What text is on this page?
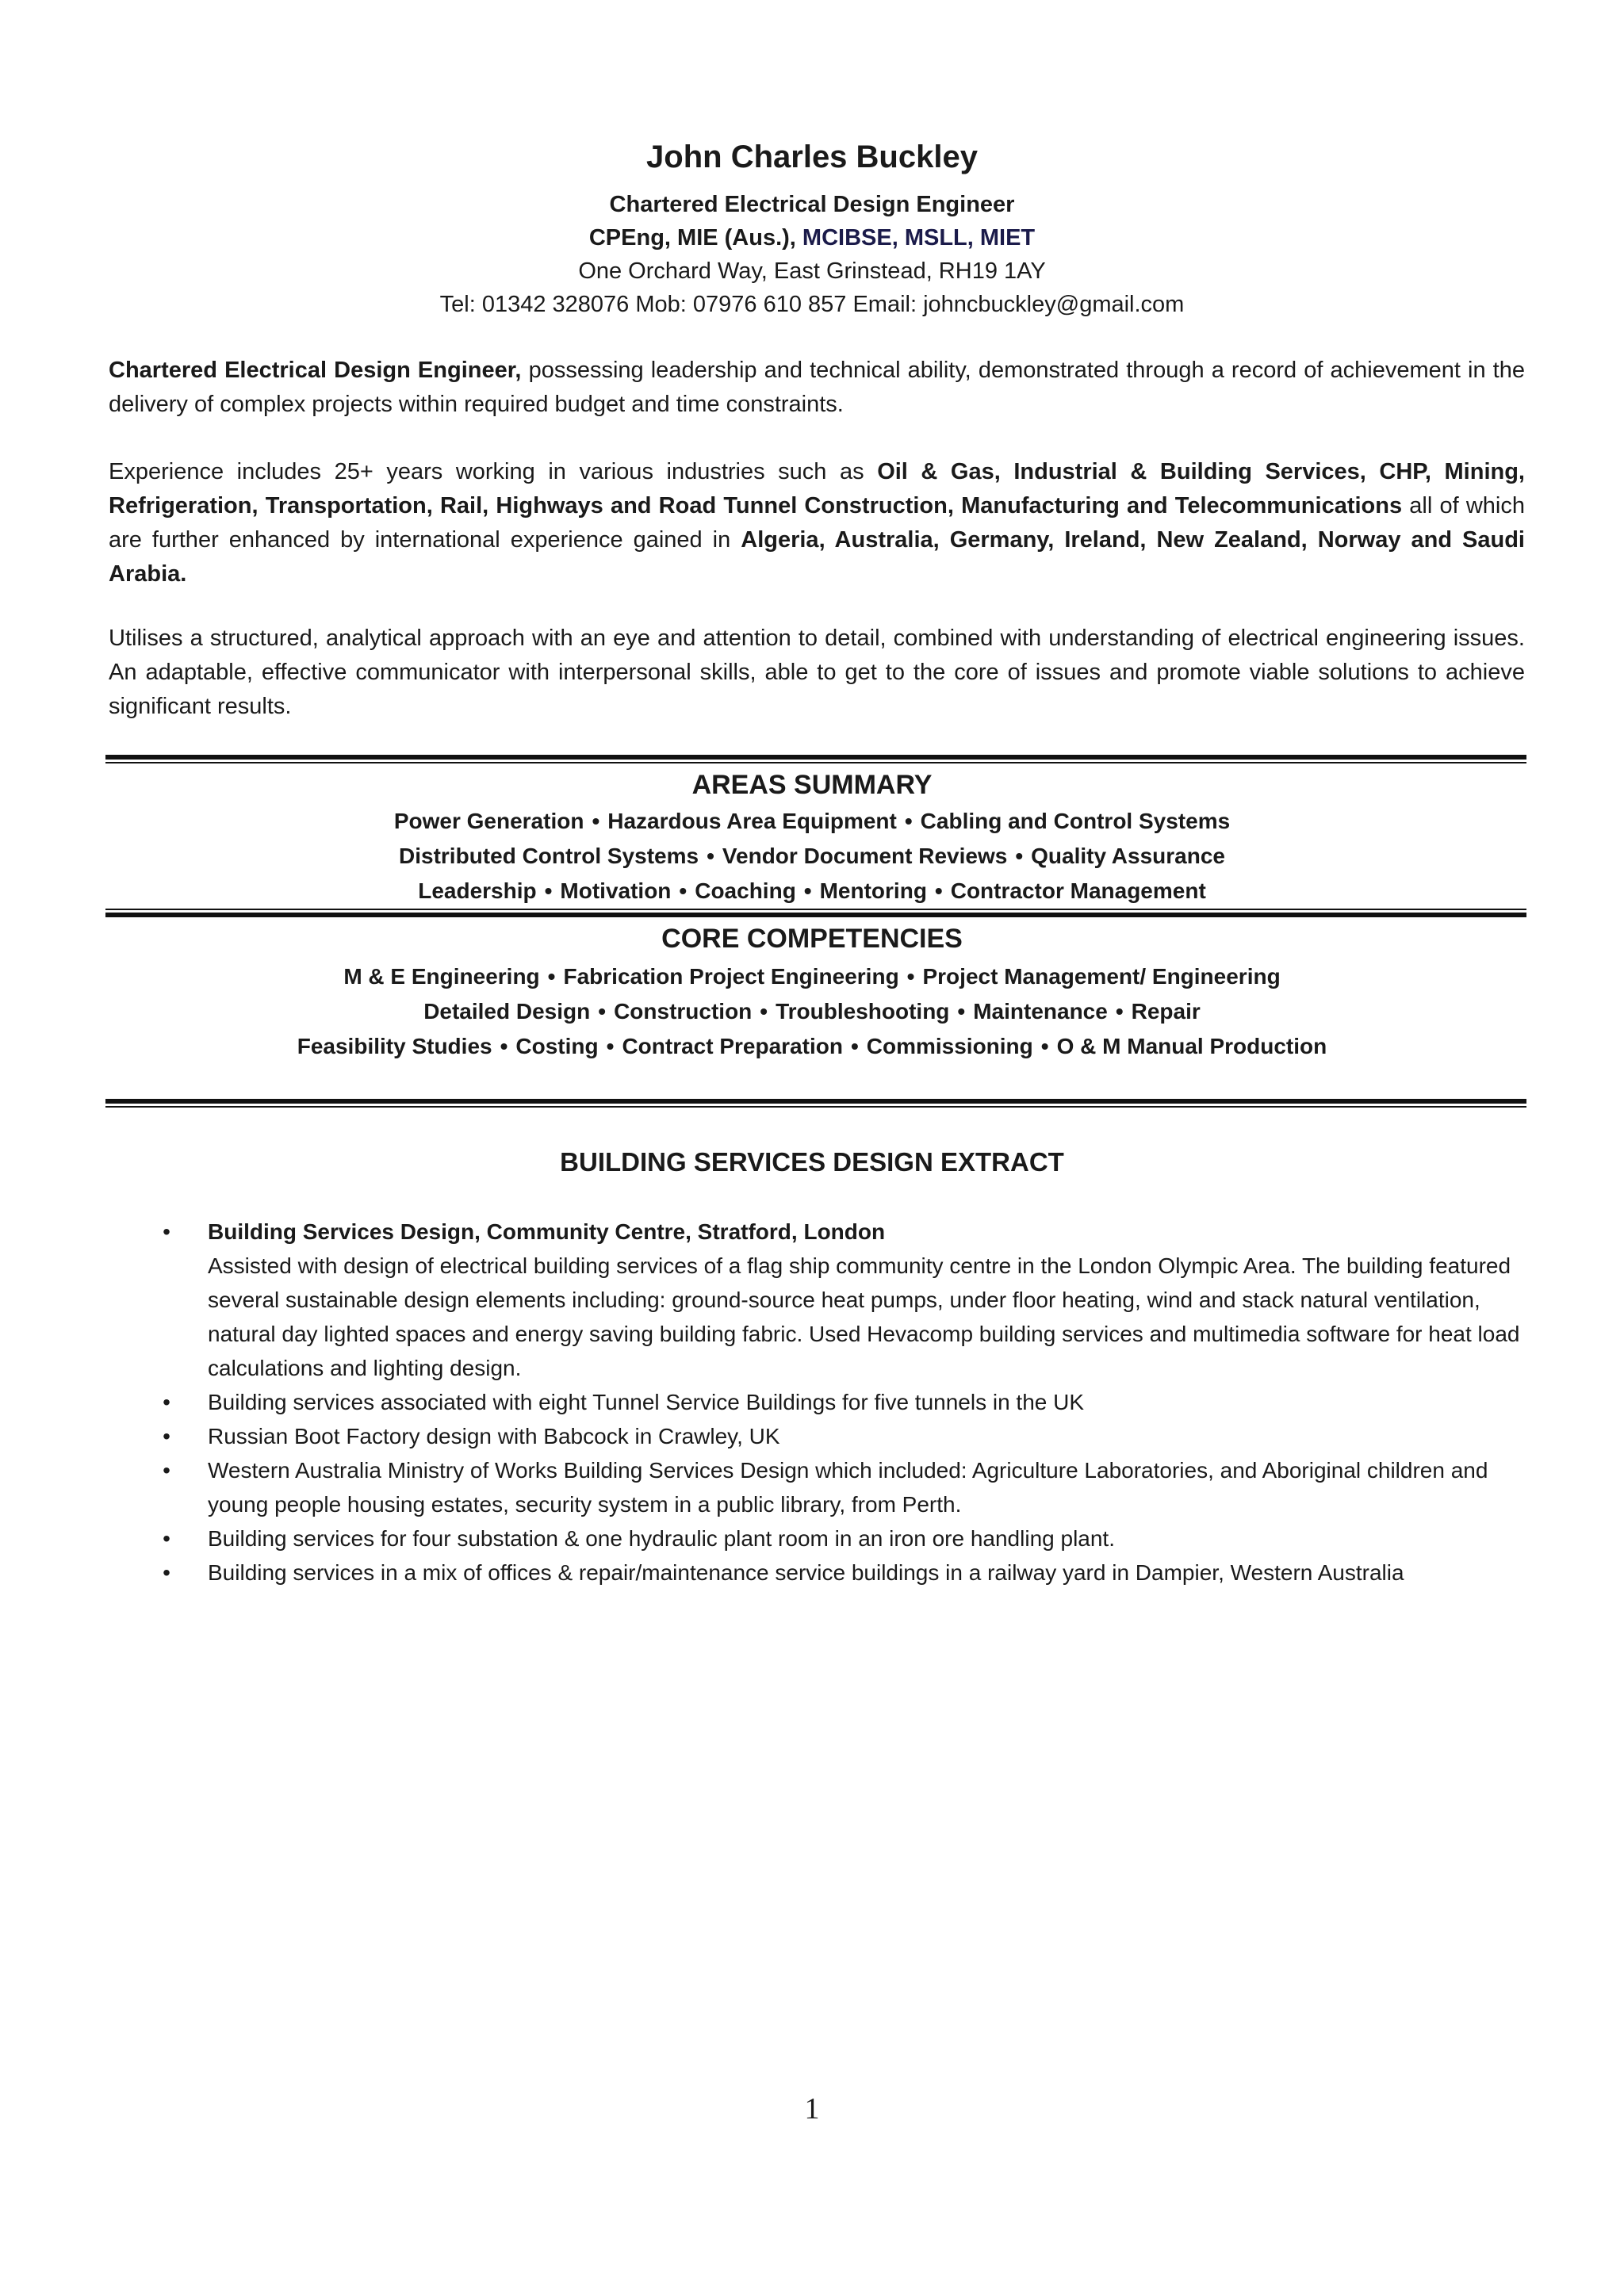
John Charles Buckley
Chartered Electrical Design Engineer
CPEng, MIE (Aus.), MCIBSE, MSLL, MIET
One Orchard Way, East Grinstead, RH19 1AY
Tel: 01342 328076 Mob: 07976 610 857 Email: johncbuckley@gmail.com

Chartered Electrical Design Engineer, possessing leadership and technical ability, demonstrated through a record of achievement in the delivery of complex projects within required budget and time constraints.

Experience includes 25+ years working in various industries such as Oil & Gas, Industrial & Building Services, CHP, Mining, Refrigeration, Transportation, Rail, Highways and Road Tunnel Construction, Manufacturing and Telecommunications all of which are further enhanced by international experience gained in Algeria, Australia, Germany, Ireland, New Zealand, Norway and Saudi Arabia.

Utilises a structured, analytical approach with an eye and attention to detail, combined with understanding of electrical engineering issues. An adaptable, effective communicator with interpersonal skills, able to get to the core of issues and promote viable solutions to achieve significant results.

AREAS SUMMARY
Power Generation • Hazardous Area Equipment • Cabling and Control Systems
Distributed Control Systems • Vendor Document Reviews • Quality Assurance
Leadership • Motivation • Coaching • Mentoring • Contractor Management
CORE COMPETENCIES
M & E Engineering • Fabrication Project Engineering • Project Management/ Engineering
Detailed Design • Construction • Troubleshooting • Maintenance • Repair
Feasibility Studies • Costing • Contract Preparation • Commissioning • O & M Manual Production
BUILDING SERVICES DESIGN EXTRACT
• Building Services Design, Community Centre, Stratford, London
Assisted with design of electrical building services of a flag ship community centre in the London Olympic Area. The building featured several sustainable design elements including: ground-source heat pumps, under floor heating, wind and stack natural ventilation, natural day lighted spaces and energy saving building fabric. Used Hevacomp building services and multimedia software for heat load calculations and lighting design.
• Building services associated with eight Tunnel Service Buildings for five tunnels in the UK
• Russian Boot Factory design with Babcock in Crawley, UK
• Western Australia Ministry of Works Building Services Design which included: Agriculture Laboratories, and Aboriginal children and young people housing estates, security system in a public library, from Perth.
• Building services for four substation & one hydraulic plant room in an iron ore handling plant.
• Building services in a mix of offices & repair/maintenance service buildings in a railway yard in Dampier, Western Australia
1
